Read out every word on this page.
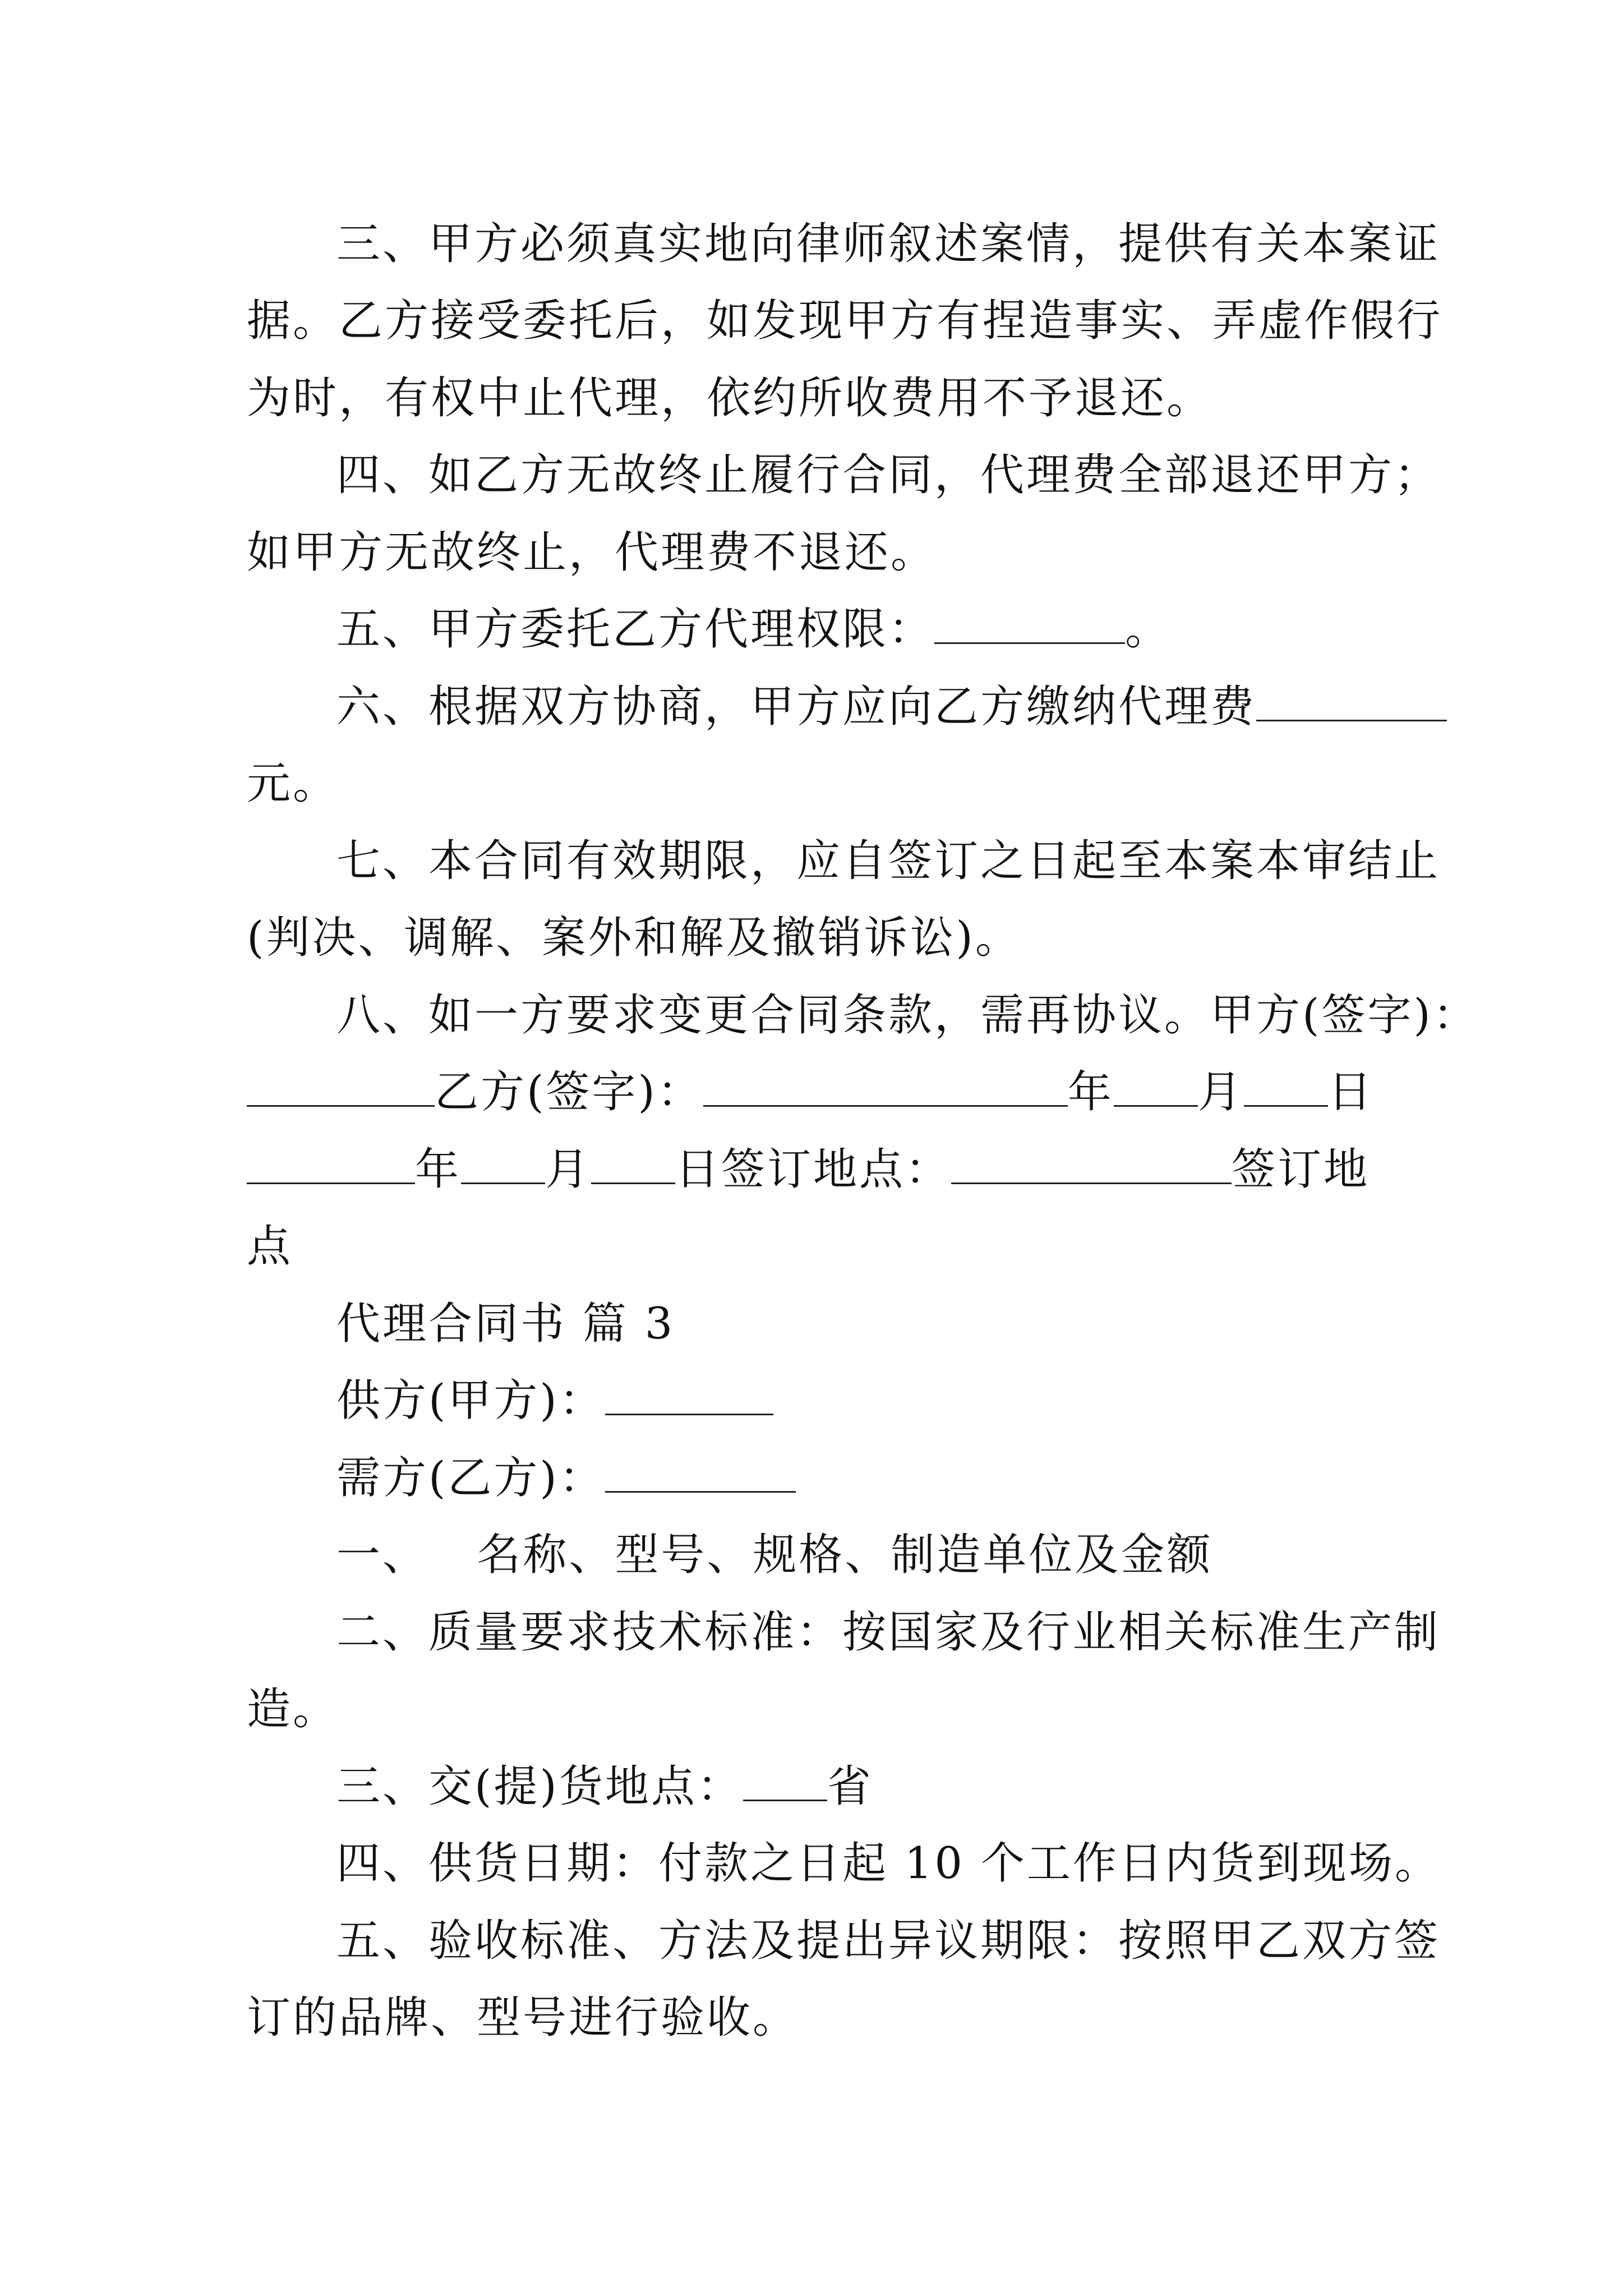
三、甲方必须真实地向律师叙述案情，提供有关本案证
据。乙方接受委托后，如发现甲方有捏造事实、弄虚作假行
为时，有权中止代理，依约所收费用不予退还。
四、如乙方无故终止履行合同，代理费全部退还甲方；
如甲方无故终止，代理费不退还。
五、甲方委托乙方代理权限：	。
六、根据双方协商，甲方应向乙方缴纳代理费
元。
七、本合同有效期限，应自签订之日起至本案本审结止
(判决、调解、案外和解及撤销诉讼)。
八、如一方要求变更合同条款，需再协议。甲方(签字)：
乙方(签字)：	年 月 日
年 月 日签订地点：	签订地
点
代理合同书 篇 3
供方(甲方)：
需方(乙方)：
一、   名称、型号、规格、制造单位及金额
二、质量要求技术标准：按国家及行业相关标准生产制
造。
三、交(提)货地点： 省
四、供货日期：付款之日起 10 个工作日内货到现场。
五、验收标准、方法及提出异议期限：按照甲乙双方签
订的品牌、型号进行验收。
